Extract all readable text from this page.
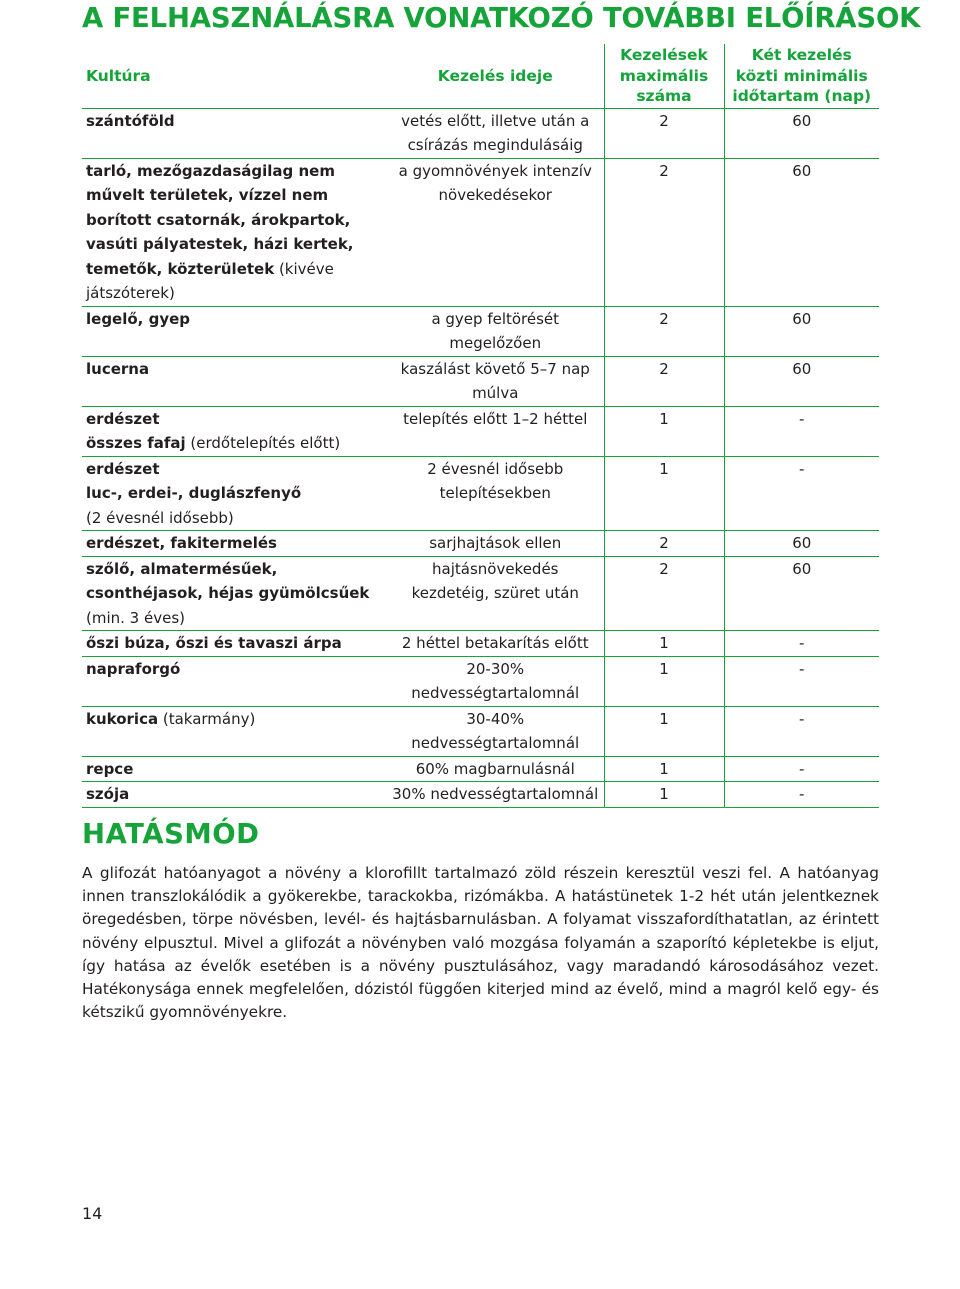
A FELHASZNÁLÁSRA VONATKOZÓ TOVÁBBI ELŐÍRÁSOK
Kultúra	Kezelés ideje	Kezelések maximális száma	Két kezelés közti minimális időtartam (nap)
szántóföld	vetés előtt, illetve után a csírázás megindulásáig	2	60
tarló, mezőgazdaságilag nem művelt területek, vízzel nem borított csatornák, árokpartok, vasúti pályatestek, házi kertek, temetők, közterületek (kivéve játszóterek)	a gyomnövények intenzív növekedésekor	2	60
legelő, gyep	a gyep feltörését megelőzően	2	60
lucerna	kaszálást követő 5–7 nap múlva	2	60
erdészet
összes fafaj (erdőtelepítés előtt)	telepítés előtt 1–2 héttel	1	-
erdészet
luc-, erdei-, duglászfenyő
(2 évesnél idősebb)	2 évesnél idősebb telepítésekben	1	-
erdészet, fakitermelés	sarjhajtások ellen	2	60
szőlő, almatermésűek, csonthéjasok, héjas gyümölcsűek
(min. 3 éves)	hajtásnövekedés kezdetéig, szüret után	2	60
őszi búza, őszi és tavaszi árpa	2 héttel betakarítás előtt	1	-
napraforgó	20-30% nedvességtartalomnál	1	-
kukorica (takarmány)	30-40% nedvességtartalomnál	1	-
repce	60% magbarnulásnál	1	-
szója	30% nedvességtartalomnál	1	-
HATÁSMÓD

A glifozát hatóanyagot a növény a klorofillt tartalmazó zöld részein keresztül veszi fel. A hatóanyag innen transzlokálódik a gyökerekbe, tarackokba, rizómákba. A hatástünetek 1-2 hét után jelentkeznek öregedésben, törpe növésben, levél- és hajtásbarnulásban. A folyamat visszafordíthatatlan, az érintett növény elpusztul. Mivel a glifozát a növényben való mozgása folyamán a szaporító képletekbe is eljut, így hatása az évelők esetében is a növény pusztulásához, vagy maradandó károsodásához vezet. Hatékonysága ennek megfelelően, dózistól függően kiterjed mind az évelő, mind a magról kelő egy- és kétszikű gyomnövényekre.

14
